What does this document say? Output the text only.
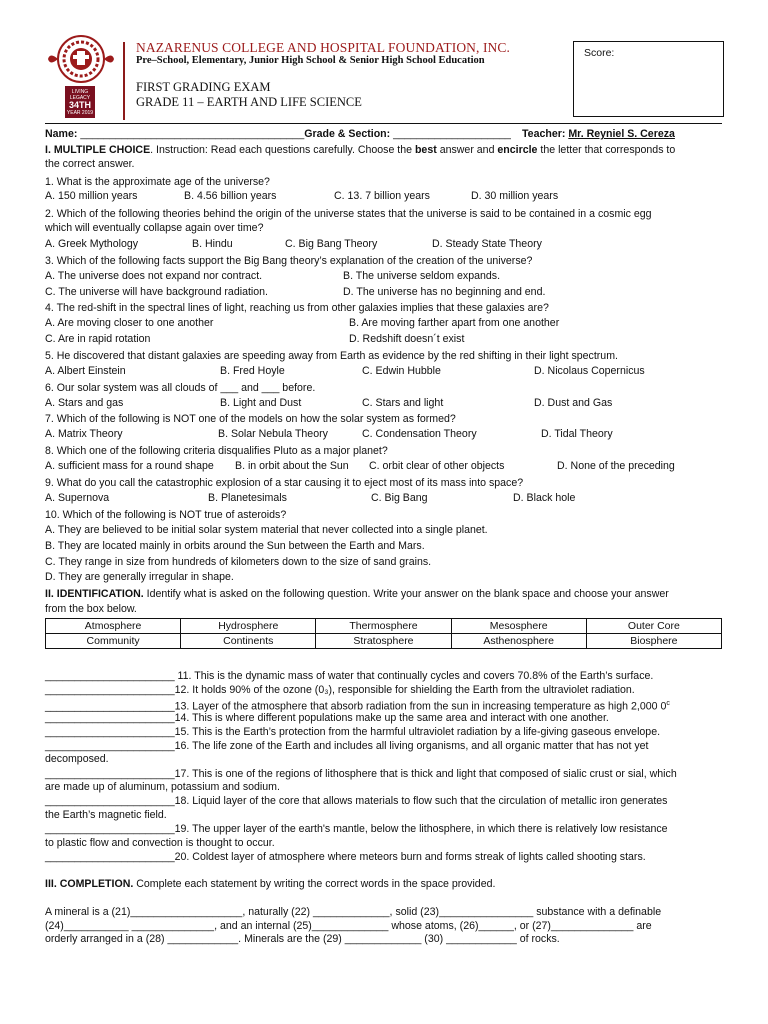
LIVING LEGACY
34TH
YEAR 2019
NAZARENUS COLLEGE AND HOSPITAL FOUNDATION, INC.
Pre–School, Elementary, Junior High School & Senior High School Education
FIRST GRADING EXAM
GRADE 11 – EARTH AND LIFE SCIENCE
Score:
Name: ______________________________________Grade & Section: ____________________ Teacher: Mr. Reyniel S. Cereza
I. MULTIPLE CHOICE. Instruction: Read each questions carefully. Choose the best answer and encircle the letter that corresponds to
the correct answer.
1. What is the approximate age of the universe?
A. 150 million years	B. 4.56 billion years	C. 13. 7 billion years	D. 30 million years
2. Which of the following theories behind the origin of the universe states that the universe is said to be contained in a cosmic egg
which will eventually collapse again over time?
A. Greek Mythology	B. Hindu	C. Big Bang Theory	D. Steady State Theory
3. Which of the following facts support the Big Bang theory’s explanation of the creation of the universe?
A. The universe does not expand nor contract.	B. The universe seldom expands.
C. The universe will have background radiation.	D. The universe has no beginning and end.
4. The red-shift in the spectral lines of light, reaching us from other galaxies implies that these galaxies are?
A. Are moving closer to one another	B. Are moving farther apart from one another
C. Are in rapid rotation	D. Redshift doesn´t exist
5. He discovered that distant galaxies are speeding away from Earth as evidence by the red shifting in their light spectrum.
A. Albert Einstein	B. Fred Hoyle	C. Edwin Hubble	D. Nicolaus Copernicus
6. Our solar system was all clouds of ___ and ___ before.
A. Stars and gas	B. Light and Dust	C. Stars and light	D. Dust and Gas
7. Which of the following is NOT one of the models on how the solar system as formed?
A. Matrix Theory	B. Solar Nebula Theory	C. Condensation Theory	D. Tidal Theory
8. Which one of the following criteria disqualifies Pluto as a major planet?
A. sufficient mass for a round shape B. in orbit about the Sun C. orbit clear of other objects	D. None of the preceding
9. What do you call the catastrophic explosion of a star causing it to eject most of its mass into space?
A. Supernova	B. Planetesimals	C. Big Bang	D. Black hole
10. Which of the following is NOT true of asteroids?
A. They are believed to be initial solar system material that never collected into a single planet.
B. They are located mainly in orbits around the Sun between the Earth and Mars.
C. They range in size from hundreds of kilometers down to the size of sand grains.
D. They are generally irregular in shape.
II. IDENTIFICATION. Identify what is asked on the following question. Write your answer on the blank space and choose your answer
from the box below.
Atmosphere	Hydrosphere	Thermosphere	Mesosphere	Outer Core
Community	Continents	Stratosphere	Asthenosphere	Biosphere
______________________ 11. This is the dynamic mass of water that continually cycles and covers 70.8% of the Earth’s surface.
______________________12. It holds 90% of the ozone (0₃), responsible for shielding the Earth from the ultraviolet radiation.
______________________13. Layer of the atmosphere that absorb radiation from the sun in increasing temperature as high 2,000 0$^c$
______________________14. This is where different populations make up the same area and interact with one another.
______________________15. This is the Earth’s protection from the harmful ultraviolet radiation by a life-giving gaseous envelope.
______________________16. The life zone of the Earth and includes all living organisms, and all organic matter that has not yet
decomposed.
______________________17. This is one of the regions of lithosphere that is thick and light that composed of sialic crust or sial, which
are made up of aluminum, potassium and sodium.
______________________18. Liquid layer of the core that allows materials to flow such that the circulation of metallic iron generates
the Earth’s magnetic field.
______________________19. The upper layer of the earth's mantle, below the lithosphere, in which there is relatively low resistance
to plastic flow and convection is thought to occur.
______________________20. Coldest layer of atmosphere where meteors burn and forms streak of lights called shooting stars.
III. COMPLETION. Complete each statement by writing the correct words in the space provided.
A mineral is a (21)___________________, naturally (22) _____________, solid (23)________________ substance with a definable
(24)___________ ______________, and an internal (25)_____________ whose atoms, (26)______, or (27)______________ are
orderly arranged in a (28) ____________. Minerals are the (29) _____________ (30) ____________ of rocks.
